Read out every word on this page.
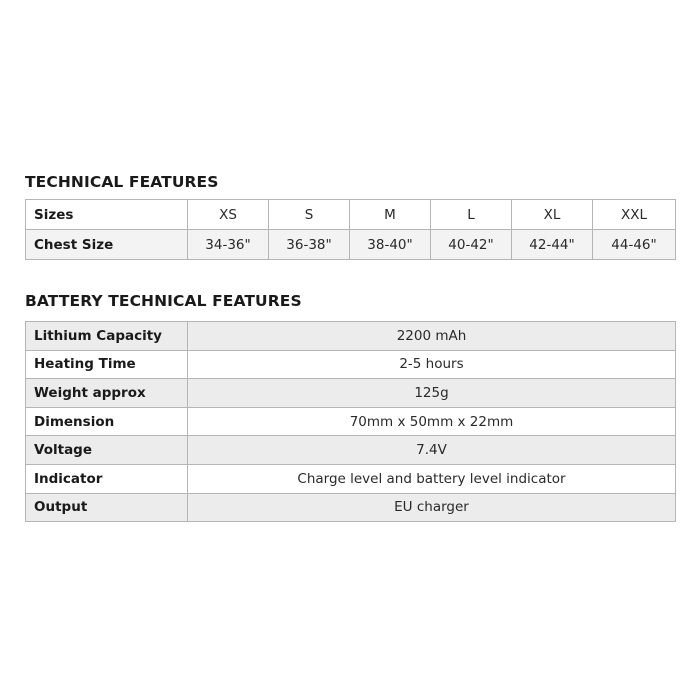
TECHNICAL FEATURES
Sizes	XS	S	M	L	XL	XXL
Chest Size	34-36"	36-38"	38-40"	40-42"	42-44"	44-46"
BATTERY TECHNICAL FEATURES
Lithium Capacity	2200 mAh
Heating Time	2-5 hours
Weight approx	125g
Dimension	70mm x 50mm x 22mm
Voltage	7.4V
Indicator	Charge level and battery level indicator
Output	EU charger
